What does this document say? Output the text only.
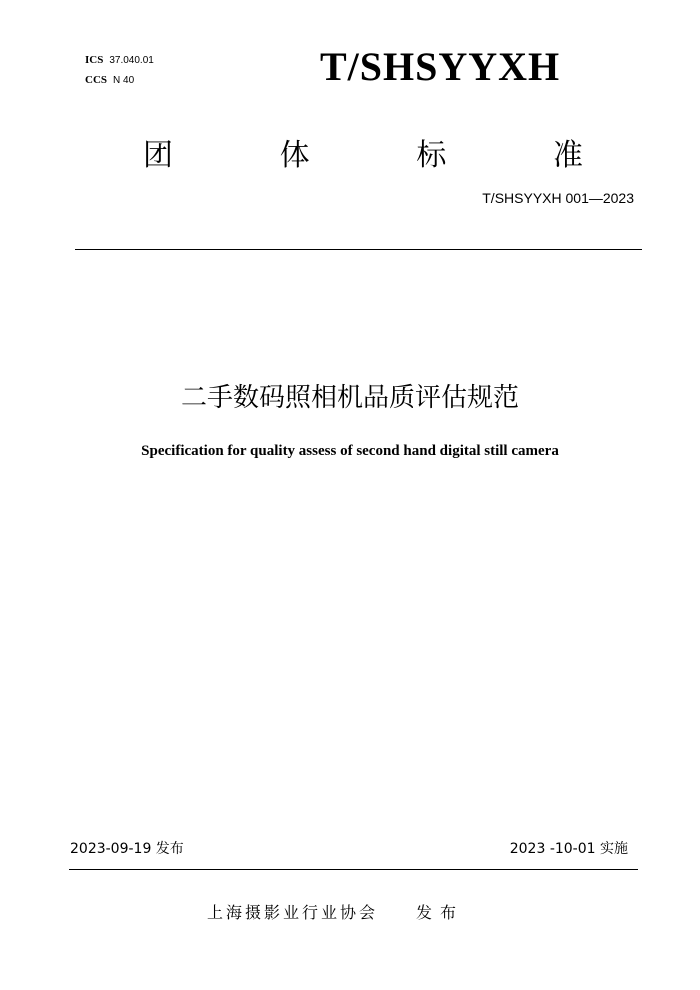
ICS 37.040.01
CCS N 40	T/SHSYYXH
团	体	标	准
T/SHSYYXH 001—2023
二手数码照相机品质评估规范
Specification for quality assess of second hand digital still camera
2023-09-19 发布	2023 -10-01 实施
上海摄影业行业协会 发布
